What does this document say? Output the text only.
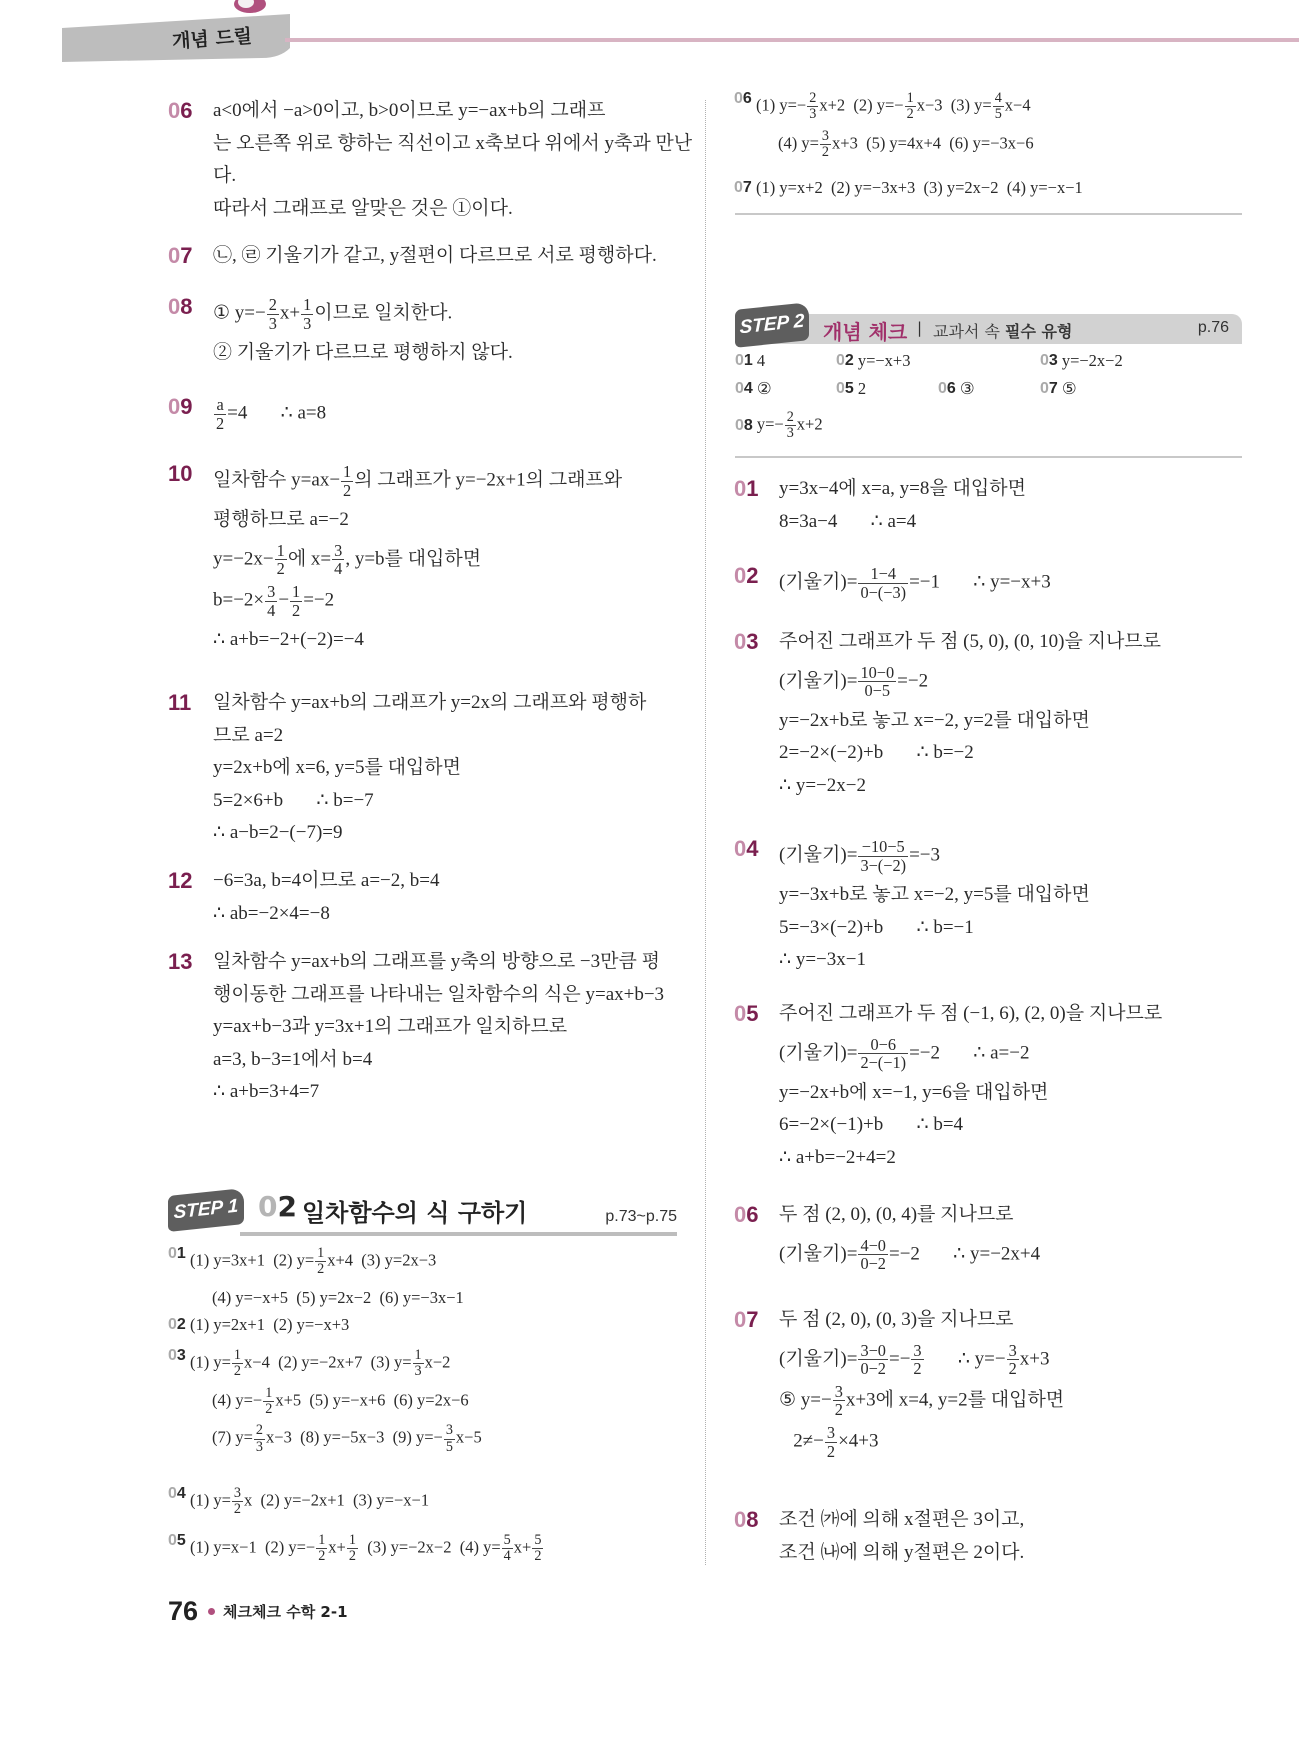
개념 드릴
06	a<0에서 −a>0이고, b>0이므로 y=−ax+b의 그래프
는 오른쪽 위로 향하는 직선이고 x축보다 위에서 y축과 만난
다.
따라서 그래프로 알맞은 것은 ①이다.
07	㉡, ㉣ 기울기가 같고, y절편이 다르므로 서로 평행하다.
08	① $y=- \frac{2}{3} x+ \frac{1}{3}$ 이므로 일치한다.
② 기울기가 다르므로 평행하지 않다.
09	$\frac{a}{2} =4$       ∴ a=8
10	일차함수 $y=ax- \frac{1}{2}$ 의 그래프가 y=−2x+1의 그래프와
평행하므로 a=−2
$y=-2x- \frac{1}{2}$ 에 $x= \frac{3}{4}$ , y=b를 대입하면
$b=-2\times \frac{3}{4} - \frac{1}{2} =-2$
∴ a+b=−2+(−2)=−4
11	일차함수 y=ax+b의 그래프가 y=2x의 그래프와 평행하
므로 a=2
y=2x+b에 x=6, y=5를 대입하면
5=2×6+b       ∴ b=−7
∴ a−b=2−(−7)=9
12	−6=3a, b=4이므로 a=−2, b=4
∴ ab=−2×4=−8
13	일차함수 y=ax+b의 그래프를 y축의 방향으로 −3만큼 평
행이동한 그래프를 나타내는 일차함수의 식은 y=ax+b−3
y=ax+b−3과 y=3x+1의 그래프가 일치하므로
a=3, b−3=1에서 b=4
∴ a+b=3+4=7
STEP 1 02 일차함수의 식 구하기	p.73~p.75
01 (1) y=3x+1  (2) $y= \frac{1}{2} x+4$  (3) y=2x−3
(4) y=−x+5  (5) y=2x−2  (6) y=−3x−1
02 (1) y=2x+1  (2) y=−x+3
03 (1) $y= \frac{1}{2} x-4$  (2) y=−2x+7  (3) $y= \frac{1}{3} x-2$
(4) $y=- \frac{1}{2} x+5$  (5) y=−x+6  (6) y=2x−6
(7) $y= \frac{2}{3} x-3$  (8) y=−5x−3  (9) $y=- \frac{3}{5} x-5$
04 (1) $y= \frac{3}{2}$ x  (2) y=−2x+1  (3) y=−x−1
05 (1) y=x−1  (2) $y=- \frac{1}{2} x+ \frac{1}{2} (3)$ y=−2x−2  (4) $y= \frac{5}{4} x+ \frac{5}{2}$
06 (1) $y=- \frac{2}{3} x+2$  (2) $y=- \frac{1}{2} x-3$  (3) $y= \frac{4}{5} x-4$
(4) $y= \frac{3}{2} x+3$  (5) y=4x+4  (6) y=−3x−6
07 (1) y=x+2  (2) y=−3x+3  (3) y=2x−2  (4) y=−x−1
STEP 2 개념 체크 | 교과서 속 필수 유형	p.76
01 4	02 y=−x+3	03 y=−2x−2
04 ②	05 2	06 ③	07 ⑤
08 $y=- \frac{2}{3} x+2$
01	y=3x−4에 x=a, y=8을 대입하면
8=3a−4       ∴ a=4
02	(기울기)= $\frac{1-4}{0-(-3)} =-1$       ∴ y=−x+3
03	주어진 그래프가 두 점 (5, 0), (0, 10)을 지나므로
(기울기)= $\frac{10-0}{0-5} =-2$
y=−2x+b로 놓고 x=−2, y=2를 대입하면
2=−2×(−2)+b       ∴ b=−2
∴ y=−2x−2
04	(기울기)= $\frac{-10-5}{3-(-2)} =-3$
y=−3x+b로 놓고 x=−2, y=5를 대입하면
5=−3×(−2)+b       ∴ b=−1
∴ y=−3x−1
05	주어진 그래프가 두 점 (−1, 6), (2, 0)을 지나므로
(기울기)= $\frac{0-6}{2-(-1)} =-2$       ∴ a=−2
y=−2x+b에 x=−1, y=6을 대입하면
6=−2×(−1)+b       ∴ b=4
∴ a+b=−2+4=2
06	두 점 (2, 0), (0, 4)를 지나므로
(기울기)= $\frac{4-0}{0-2} =-2$       ∴ y=−2x+4
07	두 점 (2, 0), (0, 3)을 지나므로
(기울기)= $\frac{3-0}{0-2} =- \frac{3}{2}$ ∴ $y=- \frac{3}{2} x+3$
⑤ $y=- \frac{3}{2} x+3$에 x=4, y=2를 대입하면
$2\ne- \frac{3}{2} \times 4+3$
08	조건 ㈎에 의해 x절편은 3이고,
조건 ㈏에 의해 y절편은 2이다.
76 체크체크 수학 2-1
